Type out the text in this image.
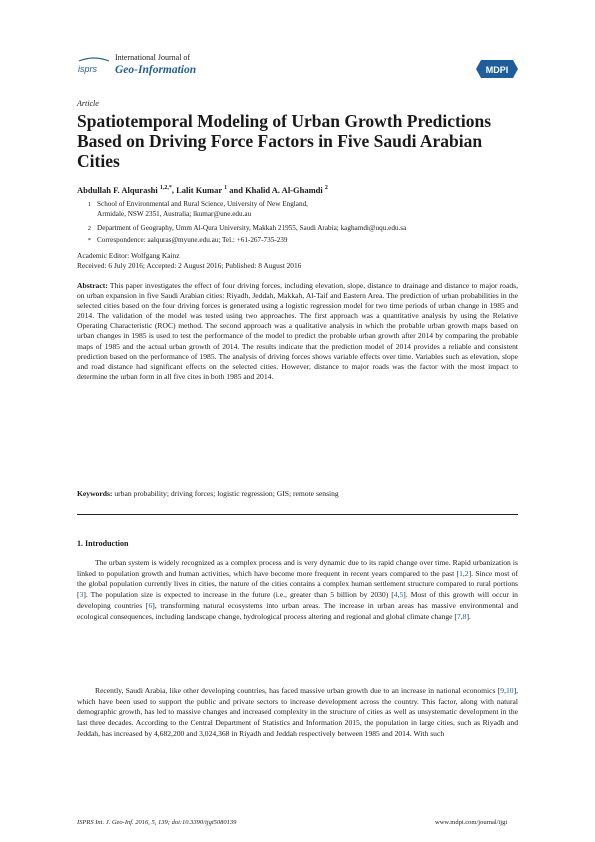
isprs
International Journal of
Geo-Information	MDPI
Article
Spatiotemporal Modeling of Urban Growth Predictions Based on Driving Force Factors in Five Saudi Arabian Cities
Abdullah F. Alqurashi $^{1,2,*}$, Lalit Kumar $^1$ and Khalid A. Al-Ghamdi $^2$
1 School of Environmental and Rural Science, University of New England,
Armidale, NSW 2351, Australia; lkumar@une.edu.au
2 Department of Geography, Umm Al-Qura University, Makkah 21955, Saudi Arabia; kaghamdi@uqu.edu.sa
* Correspondence: aalquras@myune.edu.au; Tel.: +61-267-735-239
Academic Editor: Wolfgang Kainz
Received: 6 July 2016; Accepted: 2 August 2016; Published: 8 August 2016
Abstract: This paper investigates the effect of four driving forces, including elevation, slope, distance to drainage and distance to major roads, on urban expansion in five Saudi Arabian cities: Riyadh, Jeddah, Makkah, Al-Taif and Eastern Area. The prediction of urban probabilities in the selected cities based on the four driving forces is generated using a logistic regression model for two time periods of urban change in 1985 and 2014. The validation of the model was tested using two approaches. The first approach was a quantitative analysis by using the Relative Operating Characteristic (ROC) method. The second approach was a qualitative analysis in which the probable urban growth maps based on urban changes in 1985 is used to test the performance of the model to predict the probable urban growth after 2014 by comparing the probable maps of 1985 and the actual urban growth of 2014. The results indicate that the prediction model of 2014 provides a reliable and consistent prediction based on the performance of 1985. The analysis of driving forces shows variable effects over time. Variables such as elevation, slope and road distance had significant effects on the selected cities. However, distance to major roads was the factor with the most impact to determine the urban form in all five cites in both 1985 and 2014.
Keywords: urban probability; driving forces; logistic regression; GIS; remote sensing
1. Introduction
The urban system is widely recognized as a complex process and is very dynamic due to its rapid change over time. Rapid urbanization is linked to population growth and human activities, which have become more frequent in recent years compared to the past [1,2]. Since most of the global population currently lives in cities, the nature of the cities contains a complex human settlement structure compared to rural portions [3]. The population size is expected to increase in the future (i.e., greater than 5 billion by 2030) [4,5]. Most of this growth will occur in developing countries [6], transforming natural ecosystems into urban areas. The increase in urban areas has massive environmental and ecological consequences, including landscape change, hydrological process altering and regional and global climate change [7,8].
Recently, Saudi Arabia, like other developing countries, has faced massive urban growth due to an increase in national economics [9,10], which have been used to support the public and private sectors to increase development across the country. This factor, along with natural demographic growth, has led to massive changes and increased complexity in the structure of cities as well as unsystematic development in the last three decades. According to the Central Department of Statistics and Information 2015, the population in large cities, such as Riyadh and Jeddah, has increased by 4,682,200 and 3,024,368 in Riyadh and Jeddah respectively between 1985 and 2014. With such
ISPRS Int. J. Geo-Inf. 2016, 5, 139; doi:10.3390/ijgi5080139	www.mdpi.com/journal/ijgi
